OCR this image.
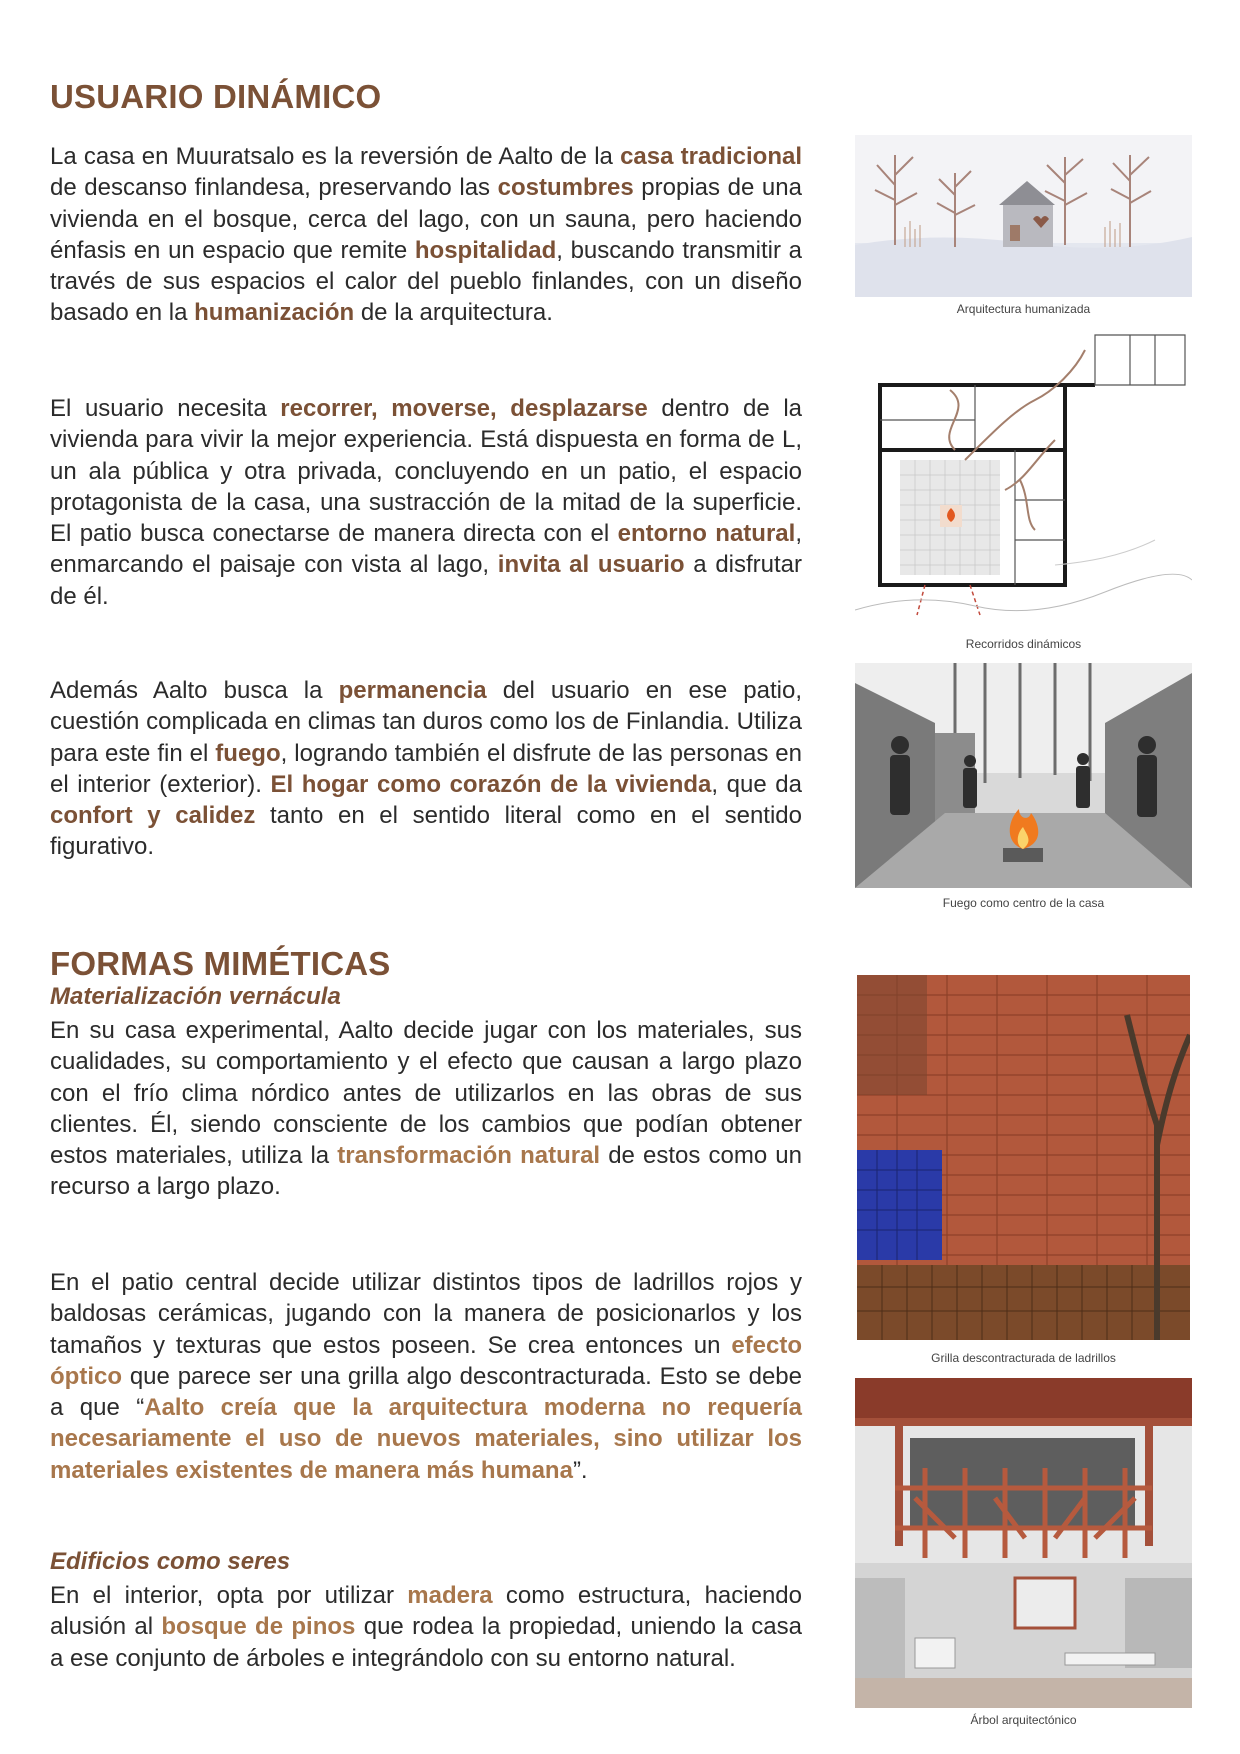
USUARIO DINÁMICO

La casa en Muuratsalo es la reversión de Aalto de la casa tradicional de descanso finlandesa, preservando las costumbres propias de una vivienda en el bosque, cerca del lago, con un sauna, pero haciendo énfasis en un espacio que remite hospitalidad, buscando transmitir a través de sus espacios el calor del pueblo finlandes, con un diseño basado en la humanización de la arquitectura.

El usuario necesita recorrer, moverse, desplazarse dentro de la vivienda para vivir la mejor experiencia. Está dispuesta en forma de L, un ala pública y otra privada, concluyendo en un patio, el espacio protagonista de la casa, una sustracción de la mitad de la superficie. El patio busca conectarse de manera directa con el entorno natural, enmarcando el paisaje con vista al lago, invita al usuario a disfrutar de él.

Además Aalto busca la permanencia del usuario en ese patio, cuestión complicada en climas tan duros como los de Finlandia. Utiliza para este fin el fuego, logrando también el disfrute de las personas en el interior (exterior). El hogar como corazón de la vivienda, que da confort y calidez tanto en el sentido literal como en el sentido figurativo.

FORMAS MIMÉTICAS
Materialización vernácula

En su casa experimental, Aalto decide jugar con los materiales, sus cualidades, su comportamiento y el efecto que causan a largo plazo con el frío clima nórdico antes de utilizarlos en las obras de sus clientes. Él, siendo consciente de los cambios que podían obtener estos materiales, utiliza la transformación natural de estos como un recurso a largo plazo.

En el patio central decide utilizar distintos tipos de ladrillos rojos y baldosas cerámicas, jugando con la manera de posicionarlos y los tamaños y texturas que estos poseen. Se crea entonces un efecto óptico que parece ser una grilla algo descontracturada. Esto se debe a que “Aalto creía que la arquitectura moderna no requería necesariamente el uso de nuevos materiales, sino utilizar los materiales existentes de manera más humana”.

Edificios como seres

En el interior, opta por utilizar madera como estructura, haciendo alusión al bosque de pinos que rodea la propiedad, uniendo la casa a ese conjunto de árboles e integrándolo con su entorno natural.

Arquitectura humanizada

Recorridos dinámicos

Fuego como centro de la casa

Grilla descontracturada de ladrillos

Árbol arquitectónico
